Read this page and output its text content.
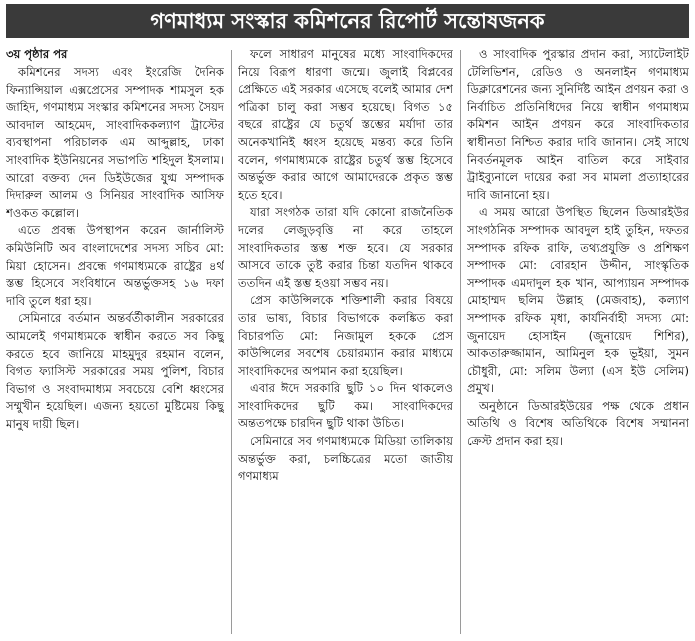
গণমাধ্যম সংস্কার কমিশনের রিপোর্ট সন্তোষজনক
৩য় পৃষ্ঠার পর

কমিশনের সদস্য এবং ইংরেজি দৈনিক ফিন্যান্সিয়াল এক্সপ্রেসের সম্পাদক শামসুল হক জাহিদ, গণমাধ্যম সংস্কার কমিশনের সদস্য সৈয়দ আবদাল আহমেদ, সাংবাদিককল্যাণ ট্রাস্টের ব্যবস্থাপনা পরিচালক এম আব্দুল্লাহ, ঢাকা সাংবাদিক ইউনিয়নের সভাপতি শহিদুল ইসলাম। আরো বক্তব্য দেন ডিইউজের যুগ্ম সম্পাদক দিদারুল আলম ও সিনিয়র সাংবাদিক আসিফ শওকত কল্লোল।

এতে প্রবন্ধ উপস্থাপন করেন জার্নালিস্ট কমিউনিটি অব বাংলাদেশের সদস্য সচিব মো: মিয়া হোসেন। প্রবন্ধে গণমাধ্যমকে রাষ্ট্রের ৪র্থ স্তম্ভ হিসেবে সংবিধানে অন্তর্ভুক্তসহ ১৬ দফা দাবি তুলে ধরা হয়।

সেমিনারে বর্তমান অন্তর্বর্তীকালীন সরকারের আমলেই গণমাধ্যমকে স্বাধীন করতে সব কিছু করতে হবে জানিয়ে মাহমুদুর রহমান বলেন, বিগত ফ্যাসিস্ট সরকারের সময় পুলিশ, বিচার বিভাগ ও সংবাদমাধ্যম সবচেয়ে বেশি ধ্বংসের সম্মুখীন হয়েছিল। এজন্য হয়তো মুষ্টিমেয় কিছু মানুষ দায়ী ছিল।

ফলে সাধারণ মানুষের মধ্যে সাংবাদিকদের নিয়ে বিরূপ ধারণা জন্মে। জুলাই বিপ্লবের প্রেক্ষিতে এই সরকার এসেছে বলেই আমার দেশ পত্রিকা চালু করা সম্ভব হয়েছে। বিগত ১৫ বছরে রাষ্ট্রের যে চতুর্থ স্তম্ভের মর্যাদা তার অনেকখানিই ধ্বংস হয়েছে মন্তব্য করে তিনি বলেন, গণমাধ্যমকে রাষ্ট্রের চতুর্থ স্তম্ভ হিসেবে অন্তর্ভুক্ত করার আগে আমাদেরকে প্রকৃত স্তম্ভ হতে হবে।

যারা সংগঠক তারা যদি কোনো রাজনৈতিক দলের লেজুড়বৃত্তি না করে তাহলে সাংবাদিকতার স্তম্ভ শক্ত হবে। যে সরকার আসবে তাকে তুষ্ট করার চিন্তা যতদিন থাকবে ততদিন এই স্তম্ভ হওয়া সম্ভব নয়।

প্রেস কাউন্সিলকে শক্তিশালী করার বিষয়ে তার ভাষ্য, বিচার বিভাগকে কলঙ্কিত করা বিচারপতি মো: নিজামুল হককে প্রেস কাউন্সিলের সবশেষ চেয়ারম্যান করার মাধ্যমে সাংবাদিকদের অপমান করা হয়েছিল।

এবার ঈদে সরকারি ছুটি ১০ দিন থাকলেও সাংবাদিকদের ছুটি কম। সাংবাদিকদের অন্ততপক্ষে চারদিন ছুটি থাকা উচিত।

সেমিনারে সব গণমাধ্যমকে মিডিয়া তালিকায় অন্তর্ভুক্ত করা, চলচ্চিত্রের মতো জাতীয় গণমাধ্যম

ও সাংবাদিক পুরস্কার প্রদান করা, স্যাটেলাইট টেলিভিশন, রেডিও ও অনলাইন গণমাধ্যম ডিক্লারেশনের জন্য সুনির্দিষ্ট আইন প্রণয়ন করা ও নির্বাচিত প্রতিনিধিদের নিয়ে স্বাধীন গণমাধ্যম কমিশন আইন প্রণয়ন করে সাংবাদিকতার স্বাধীনতা নিশ্চিত করার দাবি জানান। সেই সাথে নিবর্তনমূলক আইন বাতিল করে সাইবার ট্রাইব্যুনালে দায়ের করা সব মামলা প্রত্যাহারের দাবি জানানো হয়।

এ সময় আরো উপস্থিত ছিলেন ডিআরইউর সাংগঠনিক সম্পাদক আবদুল হাই তুহিন, দফতর সম্পাদক রফিক রাফি, তথ্যপ্রযুক্তি ও প্রশিক্ষণ সম্পাদক মো: বোরহান উদ্দীন, সাংস্কৃতিক সম্পাদক এমদাদুল হক খান, আপ্যায়ন সম্পাদক মোহাম্মদ ছলিম উল্লাহ (মেজবাহ), কল্যাণ সম্পাদক রফিক মৃধা, কার্যনির্বাহী সদস্য মো: জুনায়েদ হোসাইন (জুনায়েদ শিশির), আকতারুজ্জামান, আমিনুল হক ভূইয়া, সুমন চৌধুরী, মো: সলিম উল্যা (এস ইউ সেলিম) প্রমুখ।

অনুষ্ঠানে ডিআরইউয়ের পক্ষ থেকে প্রধান অতিথি ও বিশেষ অতিথিকে বিশেষ সম্মাননা ক্রেস্ট প্রদান করা হয়।
